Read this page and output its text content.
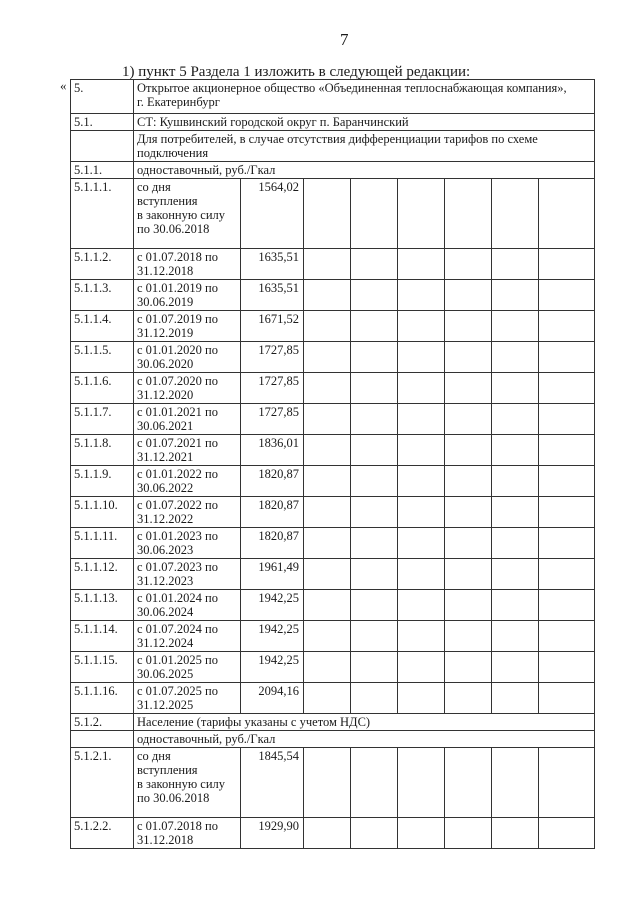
7
1) пункт 5 Раздела 1 изложить в следующей редакции:
« 5.	Открытое акционерное общество «Объединенная теплоснабжающая компания»,
г. Екатеринбург							
5.1.	СТ: Кушвинский городской округ п. Баранчинский							
	Для потребителей, в случае отсутствия дифференциации тарифов по схеме подключения							
5.1.1.	одноставочный, руб./Гкал							
5.1.1.1.	со дня
вступления
в законную силу
по 30.06.2018	1564,02						
5.1.1.2.	с 01.07.2018 по
31.12.2018	1635,51						
5.1.1.3.	с 01.01.2019 по
30.06.2019	1635,51						
5.1.1.4.	с 01.07.2019 по
31.12.2019	1671,52						
5.1.1.5.	с 01.01.2020 по
30.06.2020	1727,85						
5.1.1.6.	с 01.07.2020 по
31.12.2020	1727,85						
5.1.1.7.	с 01.01.2021 по
30.06.2021	1727,85						
5.1.1.8.	с 01.07.2021 по
31.12.2021	1836,01						
5.1.1.9.	с 01.01.2022 по
30.06.2022	1820,87						
5.1.1.10.	с 01.07.2022 по
31.12.2022	1820,87						
5.1.1.11.	с 01.01.2023 по
30.06.2023	1820,87						
5.1.1.12.	с 01.07.2023 по
31.12.2023	1961,49						
5.1.1.13.	с 01.01.2024 по
30.06.2024	1942,25						
5.1.1.14.	с 01.07.2024 по
31.12.2024	1942,25						
5.1.1.15.	с 01.01.2025 по
30.06.2025	1942,25						
5.1.1.16.	с 01.07.2025 по
31.12.2025	2094,16						
5.1.2.	Население (тарифы указаны с учетом НДС)							
	одноставочный, руб./Гкал							
5.1.2.1.	со дня
вступления
в законную силу
по 30.06.2018	1845,54						
5.1.2.2.	с 01.07.2018 по
31.12.2018	1929,90						
